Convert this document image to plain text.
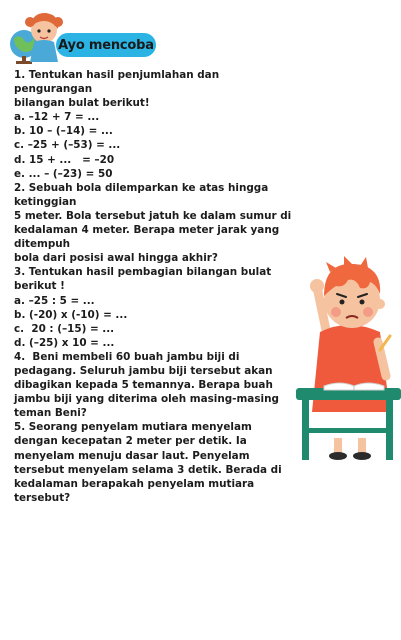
Ayo mencoba
1. Tentukan hasil penjumlahan dan pengurangan
bilangan bulat berikut!
a. –12 + 7 = ...
b. 10 – (–14) = ...
c. –25 + (–53) = ...
d. 15 + ...   = –20
e. ... – (–23) = 50
2. Sebuah bola dilemparkan ke atas hingga ketinggian
5 meter. Bola tersebut jatuh ke dalam sumur di
kedalaman 4 meter. Berapa meter jarak yang ditempuh
bola dari posisi awal hingga akhir?
3. Tentukan hasil pembagian bilangan bulat berikut !
a. –25 : 5 = ...
b. (-20) x (-10) = ...
c.  20 : (–15) = ...
d. (–25) x 10 = ...
4.  Beni membeli 60 buah jambu biji di
pedagang. Seluruh jambu biji tersebut akan
dibagikan kepada 5 temannya. Berapa buah
jambu biji yang diterima oleh masing-masing
teman Beni?
5. Seorang penyelam mutiara menyelam
dengan kecepatan 2 meter per detik. Ia
menyelam menuju dasar laut. Penyelam
tersebut menyelam selama 3 detik. Berada di
kedalaman berapakah penyelam mutiara
tersebut?
